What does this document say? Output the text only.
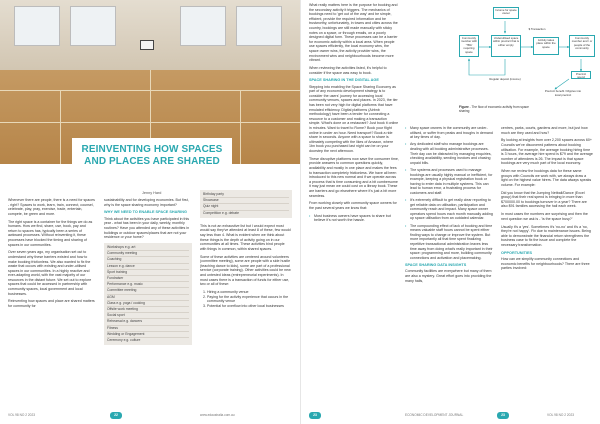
REINVENTING HOW SPACES AND PLACES ARE SHARED
Jenny Hard

Whenever there are people, there is a need for spaces - right? Spaces to work, learn, train, connect, counsel, celebrate, play, pray, exercise, trade, entertain, compete, be green and more.

The right space is a container for the things we do as humans. How we find, share, use, book, pay and return to spaces has, typically been a series of awkward processes. Without reinventing it, these processes have blocked the timing and sharing of spaces in our communities.

Over seven years ago, my organisation set out to understand why these barriers existed and how to make booking frictionless. We also wanted to fix the waste that occurs with existing and under-utilised spaces in our communities. In a highly reactive and ever-adapting world, with the vast majority of our resources in the distant future. We set out to explore spaces that could be accessed in partnership with community spaces, local government and local businesses.

Reinventing how spaces and place are shared matters for community for

sustainability and for developing economies. But first, why is the space sharing economy important?

WHY WE NEED TO ENABLE SPACE SHARING

Think about the activities you have participated in this year - what has been in your daily, weekly, monthly routines? Have you attended any of these activities in buildings or outdoor spaces/places that are not your residence or your home?

Workshops e.g. art
Community meeting
Coaching
Lesson e.g. dance
Sport training
Fundraiser
Performance e.g. music
Committee meeting
AGM
Class e.g. yoga / cooking
Offsite work meeting
Social sport
Rehearsal e.g. dancers
Fitness
Wedding or Engagement
Ceremony e.g. culture
Birthday party
Showcase
Quiz night
Competition e.g. debate

This is not an exhaustive list but I would expect most would say they've attended at least 8 of these, few would say less than 4. What is evident when we think about these things is the depth of activity going on in our communities at all times. These activities bind people with things in common, within shared spaces.

Some of these activities are centered around volunteers (committee meeting), some are people with a side hustle (teaching dance to kids), some are part of a professional service (corporate training). Other activities could be new and untested ideas (entrepreneurial experiments). In most cases there is a transaction of funds for either use, two or all of these:

1. Hiring a community venue
2. Paying for the activity experience that occurs in the community venue
3. Potential for overflow into other local businesses
VOL 98 NO 2 2023	22	www.edaustralia.com.au

What really matters here is the purpose for booking and the secondary activity it triggers. The mechanics of bookings need to 'get out of the way' and be simple, efficient, provide the required information and be trustworthy, unfortunately, in towns and cities across the country, bookings are still made manually with sticky notes on a space, or through emails, on a poorly designed digital form. These processes can be a barrier for economic activity within a local area. When people use spaces efficiently, the local economy wins, the space owner wins, the activity provider wins, the environment wins and neighbourhoods become more vibrant.

When reviewing the activities listed, it's helpful to consider if the space was easy to book.

SPACE SHARING IN THE DIGITAL AGE

Stepping into enabling the Space Sharing Economy as part of any economic development strategy is to consider the users' journey for accessing local community venues, spaces and places. In 2023, the tier has been not very high for digital platforms that have emulated efficiency. Digital platforms (Airbnb methodology) have been a tender for connecting a resource to a customer and making a transaction simple. What's done on a restaurant? Just book it online in minutes. Want to travel to Rome? Book your flight online in under an hour. Need transport? Book a ride share in seconds. Anyone with a space to share is ultimately competing with the likes of Amazon, where 1bn book you purchased last night can be on your doorstep the next afternoon.

These disruptive platforms now save the consumer time, provide answers to common questions quickly, availability and mostly in one place and makes the fees to transaction completely frictionless. We have all been introduced to this new normal and if we operate across a process that is time consuming and a bit cumbersome it may just mean we could cost on a library book. These are barriers and go elsewhere where it's just a bit more seamless.

From working closely with community space owners for the past several years we know that:

• Most business owners have spaces to share but believe it's not worth the hassle.
Income for space owner
Community member with 'TBA' requiring space
Underutilised space within precinct that is either empty
Activity takes place within the space
Community member and / or people of the community
Precinct spend
$ Transaction
Regular deposit (income)
Precinct benefit / Ripples into local precinct
Figure - The flow of economic activity from space sharing
• Many space owners in the community are under-utilised, or suffer from peaks and troughs in demand at key times of day.
• Any dedicated staff who manage bookings are dealing with all booking administrative processes. Their day can be distracted by managing enquiries, checking availability, sending invoices and chasing unpaid bills.
• The systems and processes used to manage bookings are usually highly manual or inefficient, for example, keeping a physical registration book or having to enter data in multiple systems. This can lead to human error, a frustrating process for customers and staff.
• It's extremely difficult to get really clear reporting to get reliable data on utilisation, participation and community reach and impact. Many space owner operators spend hours each month manually adding up space utilisation from an outdated calendar.
• The compounding effect of lack of booking and time means valuable staff hours cannot be spent either finding ways to change or improve the system. But more importantly all that time spent finalizing repetitive transactional administration leaves less time away from doing what's really important in their space: programming and more, building community connections and activation and placemaking.
SPACE SHARING DATA INSIGHTS

Community facilities are everywhere but many of them are also a mystery. Great effort goes into providing the many halls,

centres, parks, courts, gardens and more, but just how much are they used and how?

By looking at insights from over 2,200 spaces across 60+ Councils we've discovered patterns about booking utilisation. For example, the average booking hiring time is 3 hours, the average hire spend is $79 and the average number of attendees is 26. The impact is that space bookings are very much part of the local economy.

When we review the bookings data for these same groups with Councils we work with, we always draw a light on the highest value hirers. The data always speaks volume. For example:

Did you know that the Jumping Netball/Dance (Excel group) that their real spend is bringing in more than $700000.00 to bookings turnover in a year? There are also $91 families accessing the hall each week.

In most cases the numbers are surprising and then the next question we ask is - 'is the space busy?'

Usually it's a 'yes'. Sometimes it's 'no-no' and it's a 'no, they're not happy'. Fix due to maintenance issues. Being able to demonstrate the financial return strengthens the business case to fix the issue and complete the necessary transformation.

OPPORTUNITIES

How can we simplify community connections and economic benefits for neighbourhoods? There are three parties involved:

23	ECONOMIC DEVELOPMENT JOURNAL	23	VOL 98 NO 2 2023
